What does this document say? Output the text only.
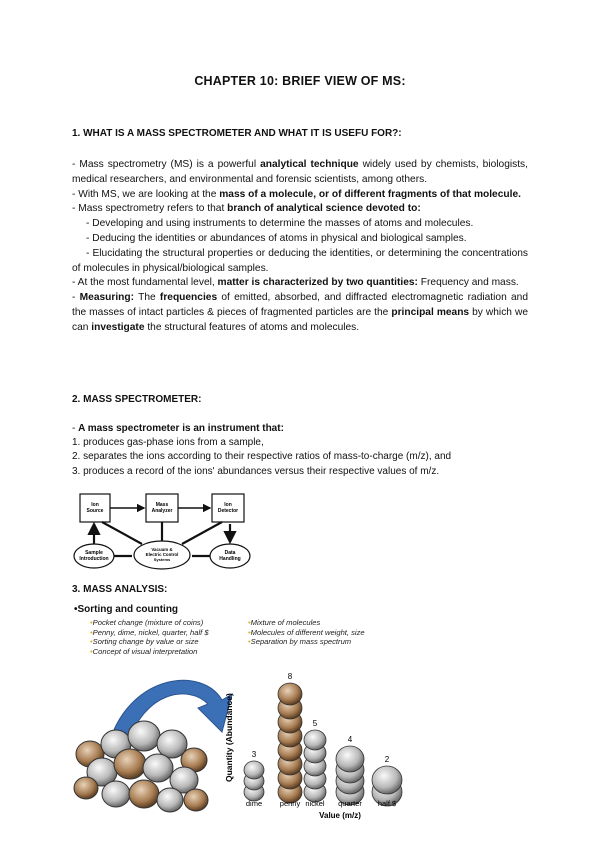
CHAPTER 10: BRIEF VIEW OF MS:
1. WHAT IS A MASS SPECTROMETER AND WHAT IT IS USEFU FOR?:

- Mass spectrometry (MS) is a powerful analytical technique widely used by chemists, biologists, medical researchers, and environmental and forensic scientists, among others.

- With MS, we are looking at the mass of a molecule, or of different fragments of that molecule.

- Mass spectrometry refers to that branch of analytical science devoted to:

- Developing and using instruments to determine the masses of atoms and molecules.

- Deducing the identities or abundances of atoms in physical and biological samples.

- Elucidating the structural properties or deducing the identities, or determining the concentrations of molecules in physical/biological samples.

- At the most fundamental level, matter is characterized by two quantities: Frequency and mass.

- Measuring: The frequencies of emitted, absorbed, and diffracted electromagnetic radiation and the masses of intact particles & pieces of fragmented particles are the principal means by which we can investigate the structural features of atoms and molecules.

2. MASS SPECTROMETER:
- A mass spectrometer is an instrument that:
1. produces gas-phase ions from a sample,
2. separates the ions according to their respective ratios of mass-to-charge (m/z), and
3. produces a record of the ions' abundances versus their respective values of m/z.
Ion
Source
Mass
Analyzer
Ion
Detector
Sample
Introduction
Vacuum &
Electric Control
Systems
Data
Handling
3. MASS ANALYSIS:
•Sorting and counting
•Pocket change (mixture of coins)
•Penny, dime, nickel, quarter, half $
•Sorting change by value or size
•Concept of visual interpretation
•Mixture of molecules
•Molecules of different weight, size
•Separation by mass spectrum
Quantity (Abundance)
Value (m/z)
3
dime
8
penny
5
nickel
4
quarter
2
half $
